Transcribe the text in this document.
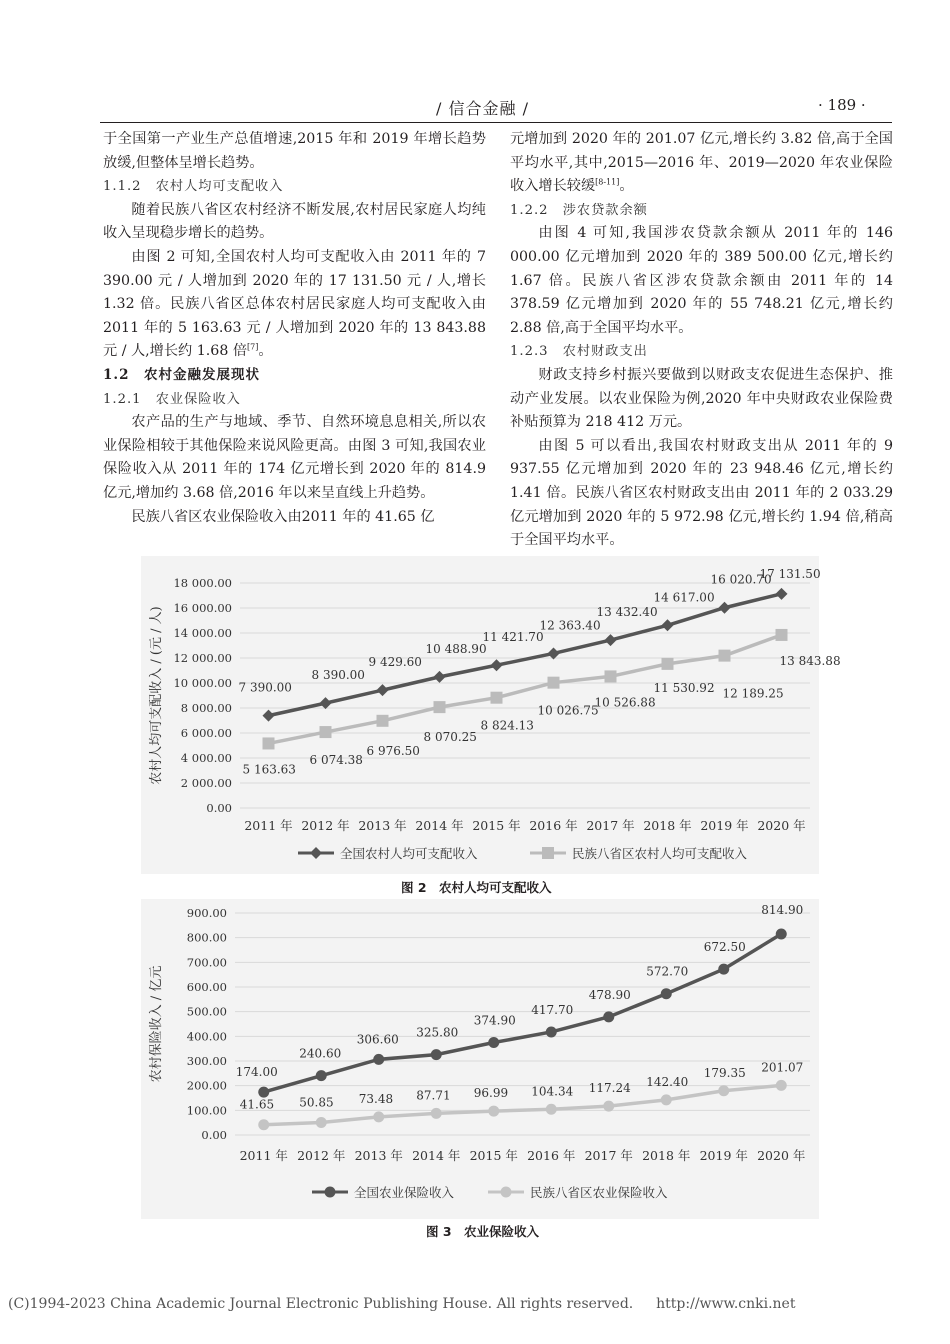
/ 信合金融 /	· 189 ·

于全国第一产业生产总值增速,2015 年和 2019 年增长趋势放缓,但整体呈增长趋势。

1.1.2　农村人均可支配收入

随着民族八省区农村经济不断发展,农村居民家庭人均纯收入呈现稳步增长的趋势。

由图 2 可知,全国农村人均可支配收入由 2011 年的 7 390.00 元 / 人增加到 2020 年的 17 131.50 元 / 人,增长 1.32 倍。民族八省区总体农村居民家庭人均可支配收入由 2011 年的 5 163.63 元 / 人增加到 2020 年的 13 843.88 元 / 人,增长约 1.68 倍[7]。

1.2　农村金融发展现状

1.2.1　农业保险收入

农产品的生产与地域、季节、自然环境息息相关,所以农业保险相较于其他保险来说风险更高。由图 3 可知,我国农业保险收入从 2011 年的 174 亿元增长到 2020 年的 814.9 亿元,增加约 3.68 倍,2016 年以来呈直线上升趋势。

民族八省区农业保险收入由2011 年的 41.65 亿

元增加到 2020 年的 201.07 亿元,增长约 3.82 倍,高于全国平均水平,其中,2015—2016 年、2019—2020 年农业保险收入增长较缓[8-11]。

1.2.2　涉农贷款余额

由图 4 可知,我国涉农贷款余额从 2011 年的 146 000.00 亿元增加到 2020 年的 389 500.00 亿元,增长约 1.67 倍。民族八省区涉农贷款余额由 2011 年的 14 378.59 亿元增加到 2020 年的 55 748.21 亿元,增长约 2.88 倍,高于全国平均水平。

1.2.3　农村财政支出

财政支持乡村振兴要做到以财政支农促进生态保护、推动产业发展。以农业保险为例,2020 年中央财政农业保险费补贴预算为 218 412 万元。

由图 5 可以看出,我国农村财政支出从 2011 年的 9 937.55 亿元增加到 2020 年的 23 948.46 亿元,增长约 1.41 倍。民族八省区农村财政支出由 2011 年的 2 033.29 亿元增加到 2020 年的 5 972.98 亿元,增长约 1.94 倍,稍高于全国平均水平。

0.00
2 000.00
4 000.00
6 000.00
8 000.00
10 000.00
12 000.00
14 000.00
16 000.00
18 000.00
2011 年 2012 年 2013 年 2014 年 2015 年 2016 年 2017 年 2018 年 2019 年 2020 年
农村人均可支配收入 / (元 / 人)	7 390.00
8 390.00
9 429.60
10 488.90
11 421.70
12 363.40
13 432.40
14 617.00
16 020.70
17 131.50
全国农村人均可支配收入
5 163.63
6 074.38
6 976.50
8 070.25
8 824.13
10 026.75
10 526.88
11 530.92 12 189.25
13 843.88
民族八省区农村人均可支配收入
图 2　农村人均可支配收入
0.00
100.00
200.00
300.00
400.00
500.00
600.00
700.00
800.00
900.00
2011 年 2012 年 2013 年 2014 年 2015 年 2016 年 2017 年 2018 年 2019 年 2020 年
农村保险收入 / 亿元	174.00
240.60
306.60 325.80
374.90
417.70
478.90
572.70
672.50
814.90
全国农业保险收入
41.65 50.85 73.48 87.71 96.99 104.34 117.24 142.40
179.35 201.07
民族八省区农业保险收入
图 3　农业保险收入
(C)1994-2023 China Academic Journal Electronic Publishing House. All rights reserved. http://www.cnki.net
